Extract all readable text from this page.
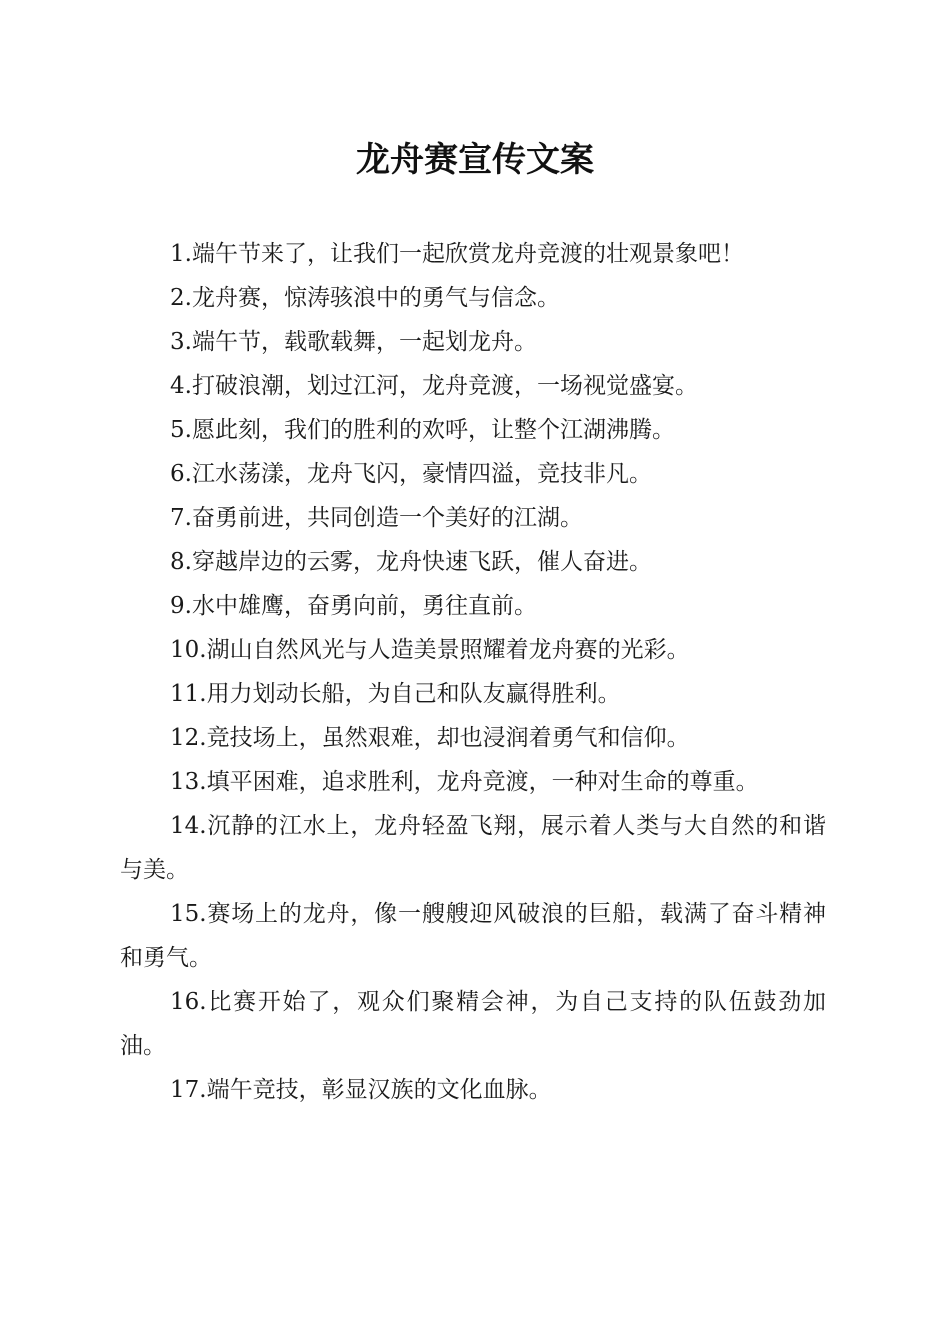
龙舟赛宣传文案

1.端午节来了，让我们一起欣赏龙舟竞渡的壮观景象吧！

2.龙舟赛，惊涛骇浪中的勇气与信念。

3.端午节，载歌载舞，一起划龙舟。

4.打破浪潮，划过江河，龙舟竞渡，一场视觉盛宴。

5.愿此刻，我们的胜利的欢呼，让整个江湖沸腾。

6.江水荡漾，龙舟飞闪，豪情四溢，竞技非凡。

7.奋勇前进，共同创造一个美好的江湖。

8.穿越岸边的云雾，龙舟快速飞跃，催人奋进。

9.水中雄鹰，奋勇向前，勇往直前。

10.湖山自然风光与人造美景照耀着龙舟赛的光彩。

11.用力划动长船，为自己和队友赢得胜利。

12.竞技场上，虽然艰难，却也浸润着勇气和信仰。

13.填平困难，追求胜利，龙舟竞渡，一种对生命的尊重。

14.沉静的江水上，龙舟轻盈飞翔，展示着人类与大自然的和谐与美。

15.赛场上的龙舟，像一艘艘迎风破浪的巨船，载满了奋斗精神和勇气。

16.比赛开始了，观众们聚精会神，为自己支持的队伍鼓劲加油。

17.端午竞技，彰显汉族的文化血脉。
